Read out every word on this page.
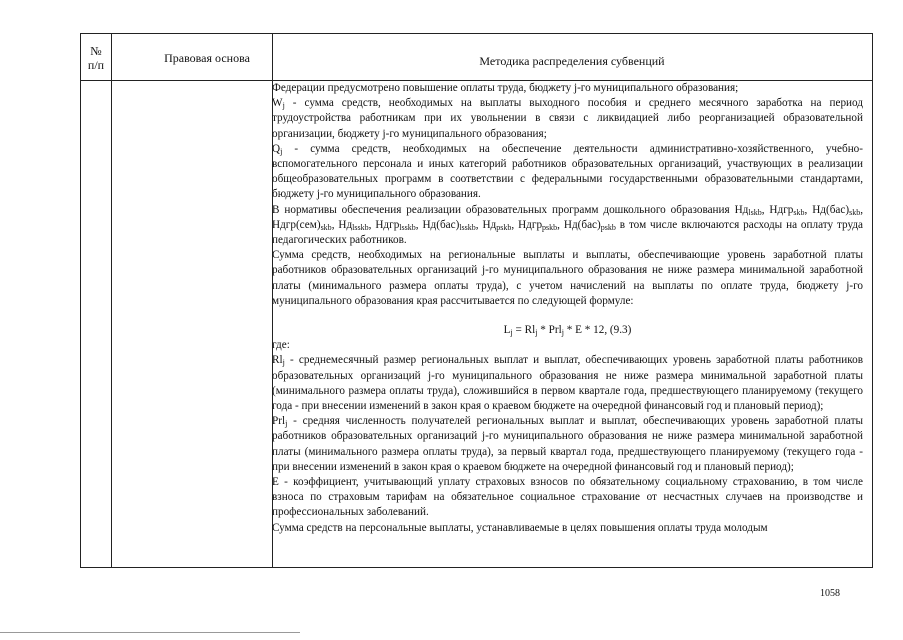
№
п/п	Правовая основа	Методика распределения субвенций

Федерации предусмотрено повышение оплаты труда, бюджету j-го муниципального образования;

$W_j$ - сумма средств, необходимых на выплаты выходного пособия и среднего месячного заработка на период трудоустройства работникам при их увольнении в связи с ликвидацией либо реорганизацией образовательной организации, бюджету j-го муниципального образования;

$Q_j$ - сумма средств, необходимых на обеспечение деятельности административно-хозяйственного, учебно-вспомогательного персонала и иных категорий работников образовательных организаций, участвующих в реализации общеобразовательных программ в соответствии с федеральными государственными образовательными стандартами, бюджету j-го муниципального образования.

В нормативы обеспечения реализации образовательных программ дошкольного образования $Нд_{lskb}$, Ндгр$_{skb}$, $Нд(бас)_{skb}$, $Ндгр(сем)_{skb}$, $Нд_{lsskb}$, Ндгр$_{lsskb}$, $Нд(бас)_{lsskb}$, $Нд_{pskb}$, Ндгр$_{pskb}$, $Нд(бас)_{pskb}$ в том числе включаются расходы на оплату труда педагогических работников.

Сумма средств, необходимых на региональные выплаты и выплаты, обеспечивающие уровень заработной платы работников образовательных организаций j-го муниципального образования не ниже размера минимальной заработной платы (минимального размера оплаты труда), с учетом начислений на выплаты по оплате труда, бюджету j-го муниципального образования края рассчитывается по следующей формуле:

$L_j = Rl_j * Prl_j * E * 12$, (9.3)

где:

$Rl_j$ - среднемесячный размер региональных выплат и выплат, обеспечивающих уровень заработной платы работников образовательных организаций j-го муниципального образования не ниже размера минимальной заработной платы (минимального размера оплаты труда), сложившийся в первом квартале года, предшествующего планируемому (текущего года - при внесении изменений в закон края о краевом бюджете на очередной финансовый год и плановый период);

Prl$_j$ - средняя численность получателей региональных выплат и выплат, обеспечивающих уровень заработной платы работников образовательных организаций j-го муниципального образования не ниже размера минимальной заработной платы (минимального размера оплаты труда), за первый квартал года, предшествующего планируемому (текущего года - при внесении изменений в закон края о краевом бюджете на очередной финансовый год и плановый период);

E - коэффициент, учитывающий уплату страховых взносов по обязательному социальному страхованию, в том числе взноса по страховым тарифам на обязательное социальное страхование от несчастных случаев на производстве и профессиональных заболеваний.

Сумма средств на персональные выплаты, устанавливаемые в целях повышения оплаты труда молодым

1058
